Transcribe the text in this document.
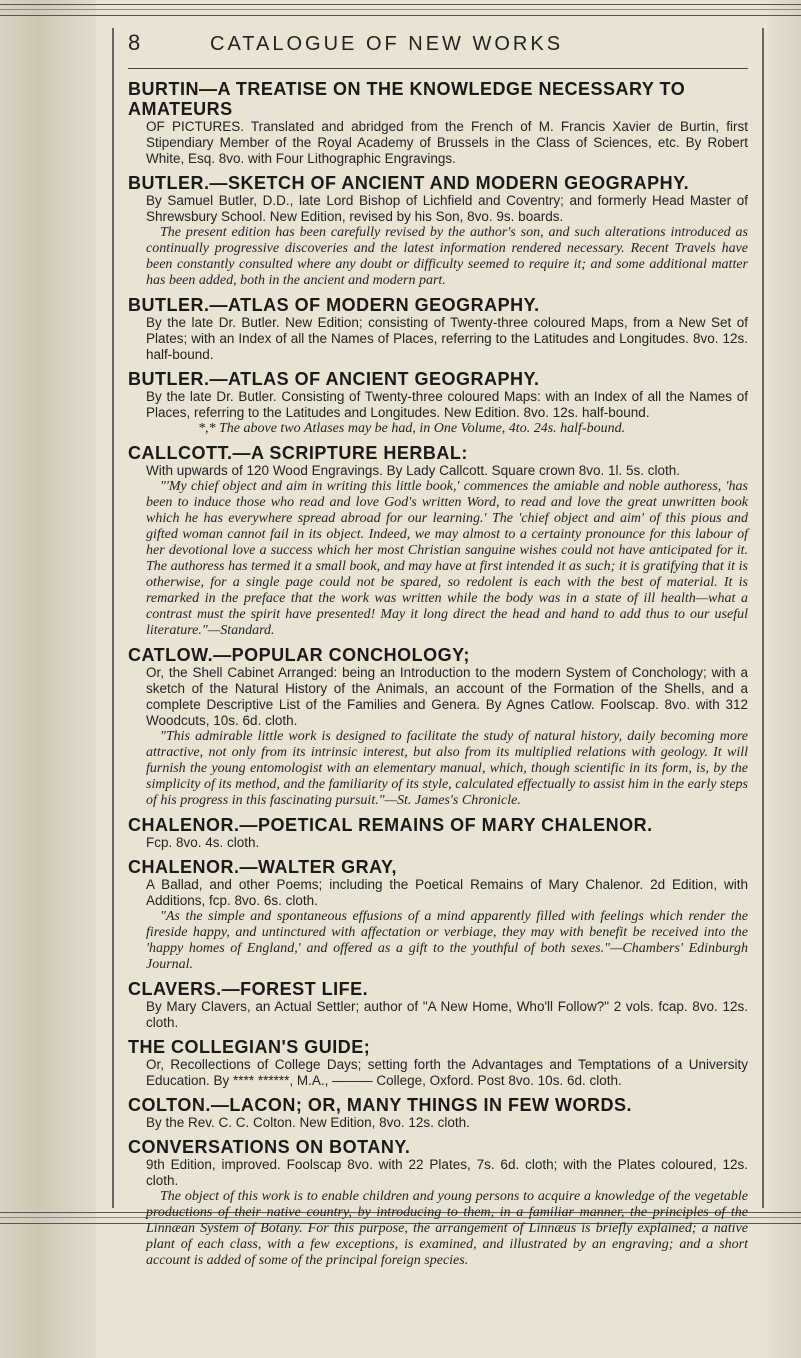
8	CATALOGUE OF NEW WORKS
BURTIN—A TREATISE ON THE KNOWLEDGE NECESSARY TO AMATEURS
OF PICTURES. Translated and abridged from the French of M. Francis Xavier de Burtin, first Stipendiary Member of the Royal Academy of Brussels in the Class of Sciences, etc. By Robert White, Esq. 8vo. with Four Lithographic Engravings.
BUTLER.—SKETCH OF ANCIENT AND MODERN GEOGRAPHY.
By Samuel Butler, D.D., late Lord Bishop of Lichfield and Coventry; and formerly Head Master of Shrewsbury School. New Edition, revised by his Son, 8vo. 9s. boards.
The present edition has been carefully revised by the author's son, and such alterations introduced as continually progressive discoveries and the latest information rendered necessary. Recent Travels have been constantly consulted where any doubt or difficulty seemed to require it; and some additional matter has been added, both in the ancient and modern part.
BUTLER.—ATLAS OF MODERN GEOGRAPHY.
By the late Dr. Butler. New Edition; consisting of Twenty-three coloured Maps, from a New Set of Plates; with an Index of all the Names of Places, referring to the Latitudes and Longitudes. 8vo. 12s. half-bound.
BUTLER.—ATLAS OF ANCIENT GEOGRAPHY.
By the late Dr. Butler. Consisting of Twenty-three coloured Maps: with an Index of all the Names of Places, referring to the Latitudes and Longitudes. New Edition. 8vo. 12s. half-bound.
*,* The above two Atlases may be had, in One Volume, 4to. 24s. half-bound.
CALLCOTT.—A SCRIPTURE HERBAL:
With upwards of 120 Wood Engravings. By Lady Callcott. Square crown 8vo. 1l. 5s. cloth.
"'My chief object and aim in writing this little book,' commences the amiable and noble authoress, 'has been to induce those who read and love God's written Word, to read and love the great unwritten book which he has everywhere spread abroad for our learning.' The 'chief object and aim' of this pious and gifted woman cannot fail in its object. Indeed, we may almost to a certainty pronounce for this labour of her devotional love a success which her most Christian sanguine wishes could not have anticipated for it. The authoress has termed it a small book, and may have at first intended it as such; it is gratifying that it is otherwise, for a single page could not be spared, so redolent is each with the best of material. It is remarked in the preface that the work was written while the body was in a state of ill health—what a contrast must the spirit have presented! May it long direct the head and hand to add thus to our useful literature."—Standard.
CATLOW.—POPULAR CONCHOLOGY;
Or, the Shell Cabinet Arranged: being an Introduction to the modern System of Conchology; with a sketch of the Natural History of the Animals, an account of the Formation of the Shells, and a complete Descriptive List of the Families and Genera. By Agnes Catlow. Foolscap. 8vo. with 312 Woodcuts, 10s. 6d. cloth.
"This admirable little work is designed to facilitate the study of natural history, daily becoming more attractive, not only from its intrinsic interest, but also from its multiplied relations with geology. It will furnish the young entomologist with an elementary manual, which, though scientific in its form, is, by the simplicity of its method, and the familiarity of its style, calculated effectually to assist him in the early steps of his progress in this fascinating pursuit."—St. James's Chronicle.
CHALENOR.—POETICAL REMAINS OF MARY CHALENOR.
Fcp. 8vo. 4s. cloth.
CHALENOR.—WALTER GRAY,
A Ballad, and other Poems; including the Poetical Remains of Mary Chalenor. 2d Edition, with Additions, fcp. 8vo. 6s. cloth.
"As the simple and spontaneous effusions of a mind apparently filled with feelings which render the fireside happy, and untinctured with affectation or verbiage, they may with benefit be received into the 'happy homes of England,' and offered as a gift to the youthful of both sexes."—Chambers' Edinburgh Journal.
CLAVERS.—FOREST LIFE.
By Mary Clavers, an Actual Settler; author of "A New Home, Who'll Follow?" 2 vols. fcap. 8vo. 12s. cloth.
THE COLLEGIAN'S GUIDE;
Or, Recollections of College Days; setting forth the Advantages and Temptations of a University Education. By **** ******, M.A., ——— College, Oxford. Post 8vo. 10s. 6d. cloth.
COLTON.—LACON; OR, MANY THINGS IN FEW WORDS.
By the Rev. C. C. Colton. New Edition, 8vo. 12s. cloth.
CONVERSATIONS ON BOTANY.
9th Edition, improved. Foolscap 8vo. with 22 Plates, 7s. 6d. cloth; with the Plates coloured, 12s. cloth.
The object of this work is to enable children and young persons to acquire a knowledge of the vegetable productions of their native country, by introducing to them, in a familiar manner, the principles of the Linnæan System of Botany. For this purpose, the arrangement of Linnæus is briefly explained; a native plant of each class, with a few exceptions, is examined, and illustrated by an engraving; and a short account is added of some of the principal foreign species.
